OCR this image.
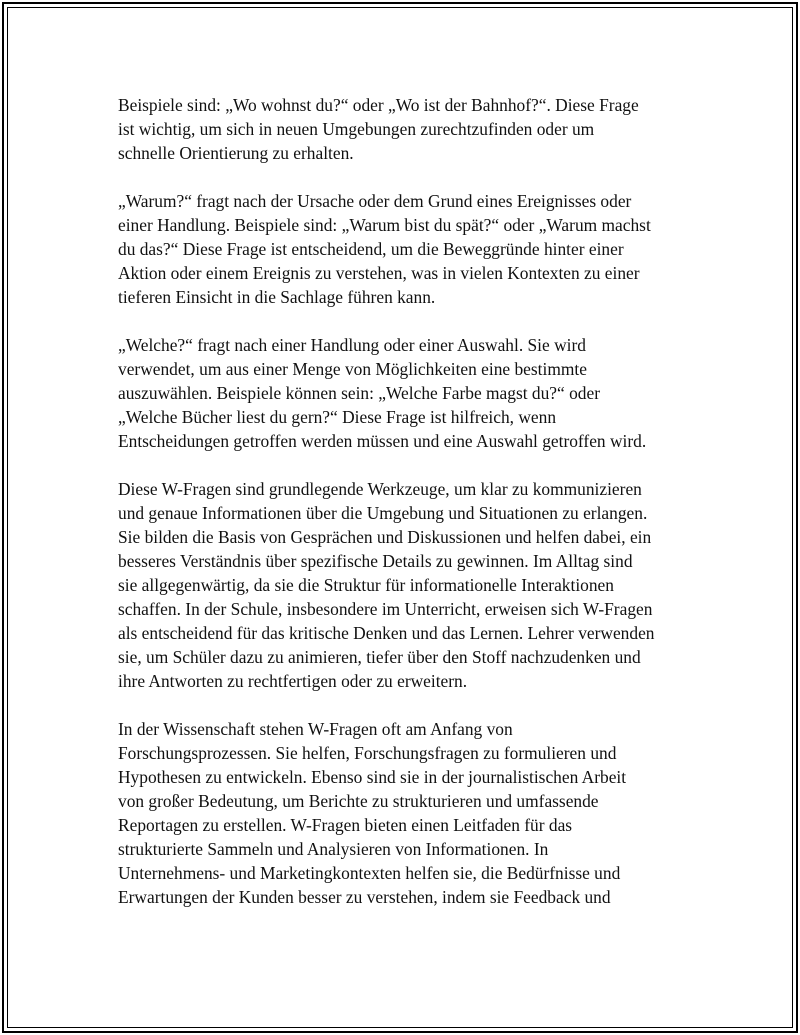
Beispiele sind: „Wo wohnst du?“ oder „Wo ist der Bahnhof?“. Diese Frage
ist wichtig, um sich in neuen Umgebungen zurechtzufinden oder um
schnelle Orientierung zu erhalten.

„Warum?“ fragt nach der Ursache oder dem Grund eines Ereignisses oder
einer Handlung. Beispiele sind: „Warum bist du spät?“ oder „Warum machst
du das?“ Diese Frage ist entscheidend, um die Beweggründe hinter einer
Aktion oder einem Ereignis zu verstehen, was in vielen Kontexten zu einer
tieferen Einsicht in die Sachlage führen kann.

„Welche?“ fragt nach einer Handlung oder einer Auswahl. Sie wird
verwendet, um aus einer Menge von Möglichkeiten eine bestimmte
auszuwählen. Beispiele können sein: „Welche Farbe magst du?“ oder
„Welche Bücher liest du gern?“ Diese Frage ist hilfreich, wenn
Entscheidungen getroffen werden müssen und eine Auswahl getroffen wird.

Diese W-Fragen sind grundlegende Werkzeuge, um klar zu kommunizieren
und genaue Informationen über die Umgebung und Situationen zu erlangen.
Sie bilden die Basis von Gesprächen und Diskussionen und helfen dabei, ein
besseres Verständnis über spezifische Details zu gewinnen. Im Alltag sind
sie allgegenwärtig, da sie die Struktur für informationelle Interaktionen
schaffen. In der Schule, insbesondere im Unterricht, erweisen sich W-Fragen
als entscheidend für das kritische Denken und das Lernen. Lehrer verwenden
sie, um Schüler dazu zu animieren, tiefer über den Stoff nachzudenken und
ihre Antworten zu rechtfertigen oder zu erweitern.

In der Wissenschaft stehen W-Fragen oft am Anfang von
Forschungsprozessen. Sie helfen, Forschungsfragen zu formulieren und
Hypothesen zu entwickeln. Ebenso sind sie in der journalistischen Arbeit
von großer Bedeutung, um Berichte zu strukturieren und umfassende
Reportagen zu erstellen. W-Fragen bieten einen Leitfaden für das
strukturierte Sammeln und Analysieren von Informationen. In
Unternehmens- und Marketingkontexten helfen sie, die Bedürfnisse und
Erwartungen der Kunden besser zu verstehen, indem sie Feedback und
